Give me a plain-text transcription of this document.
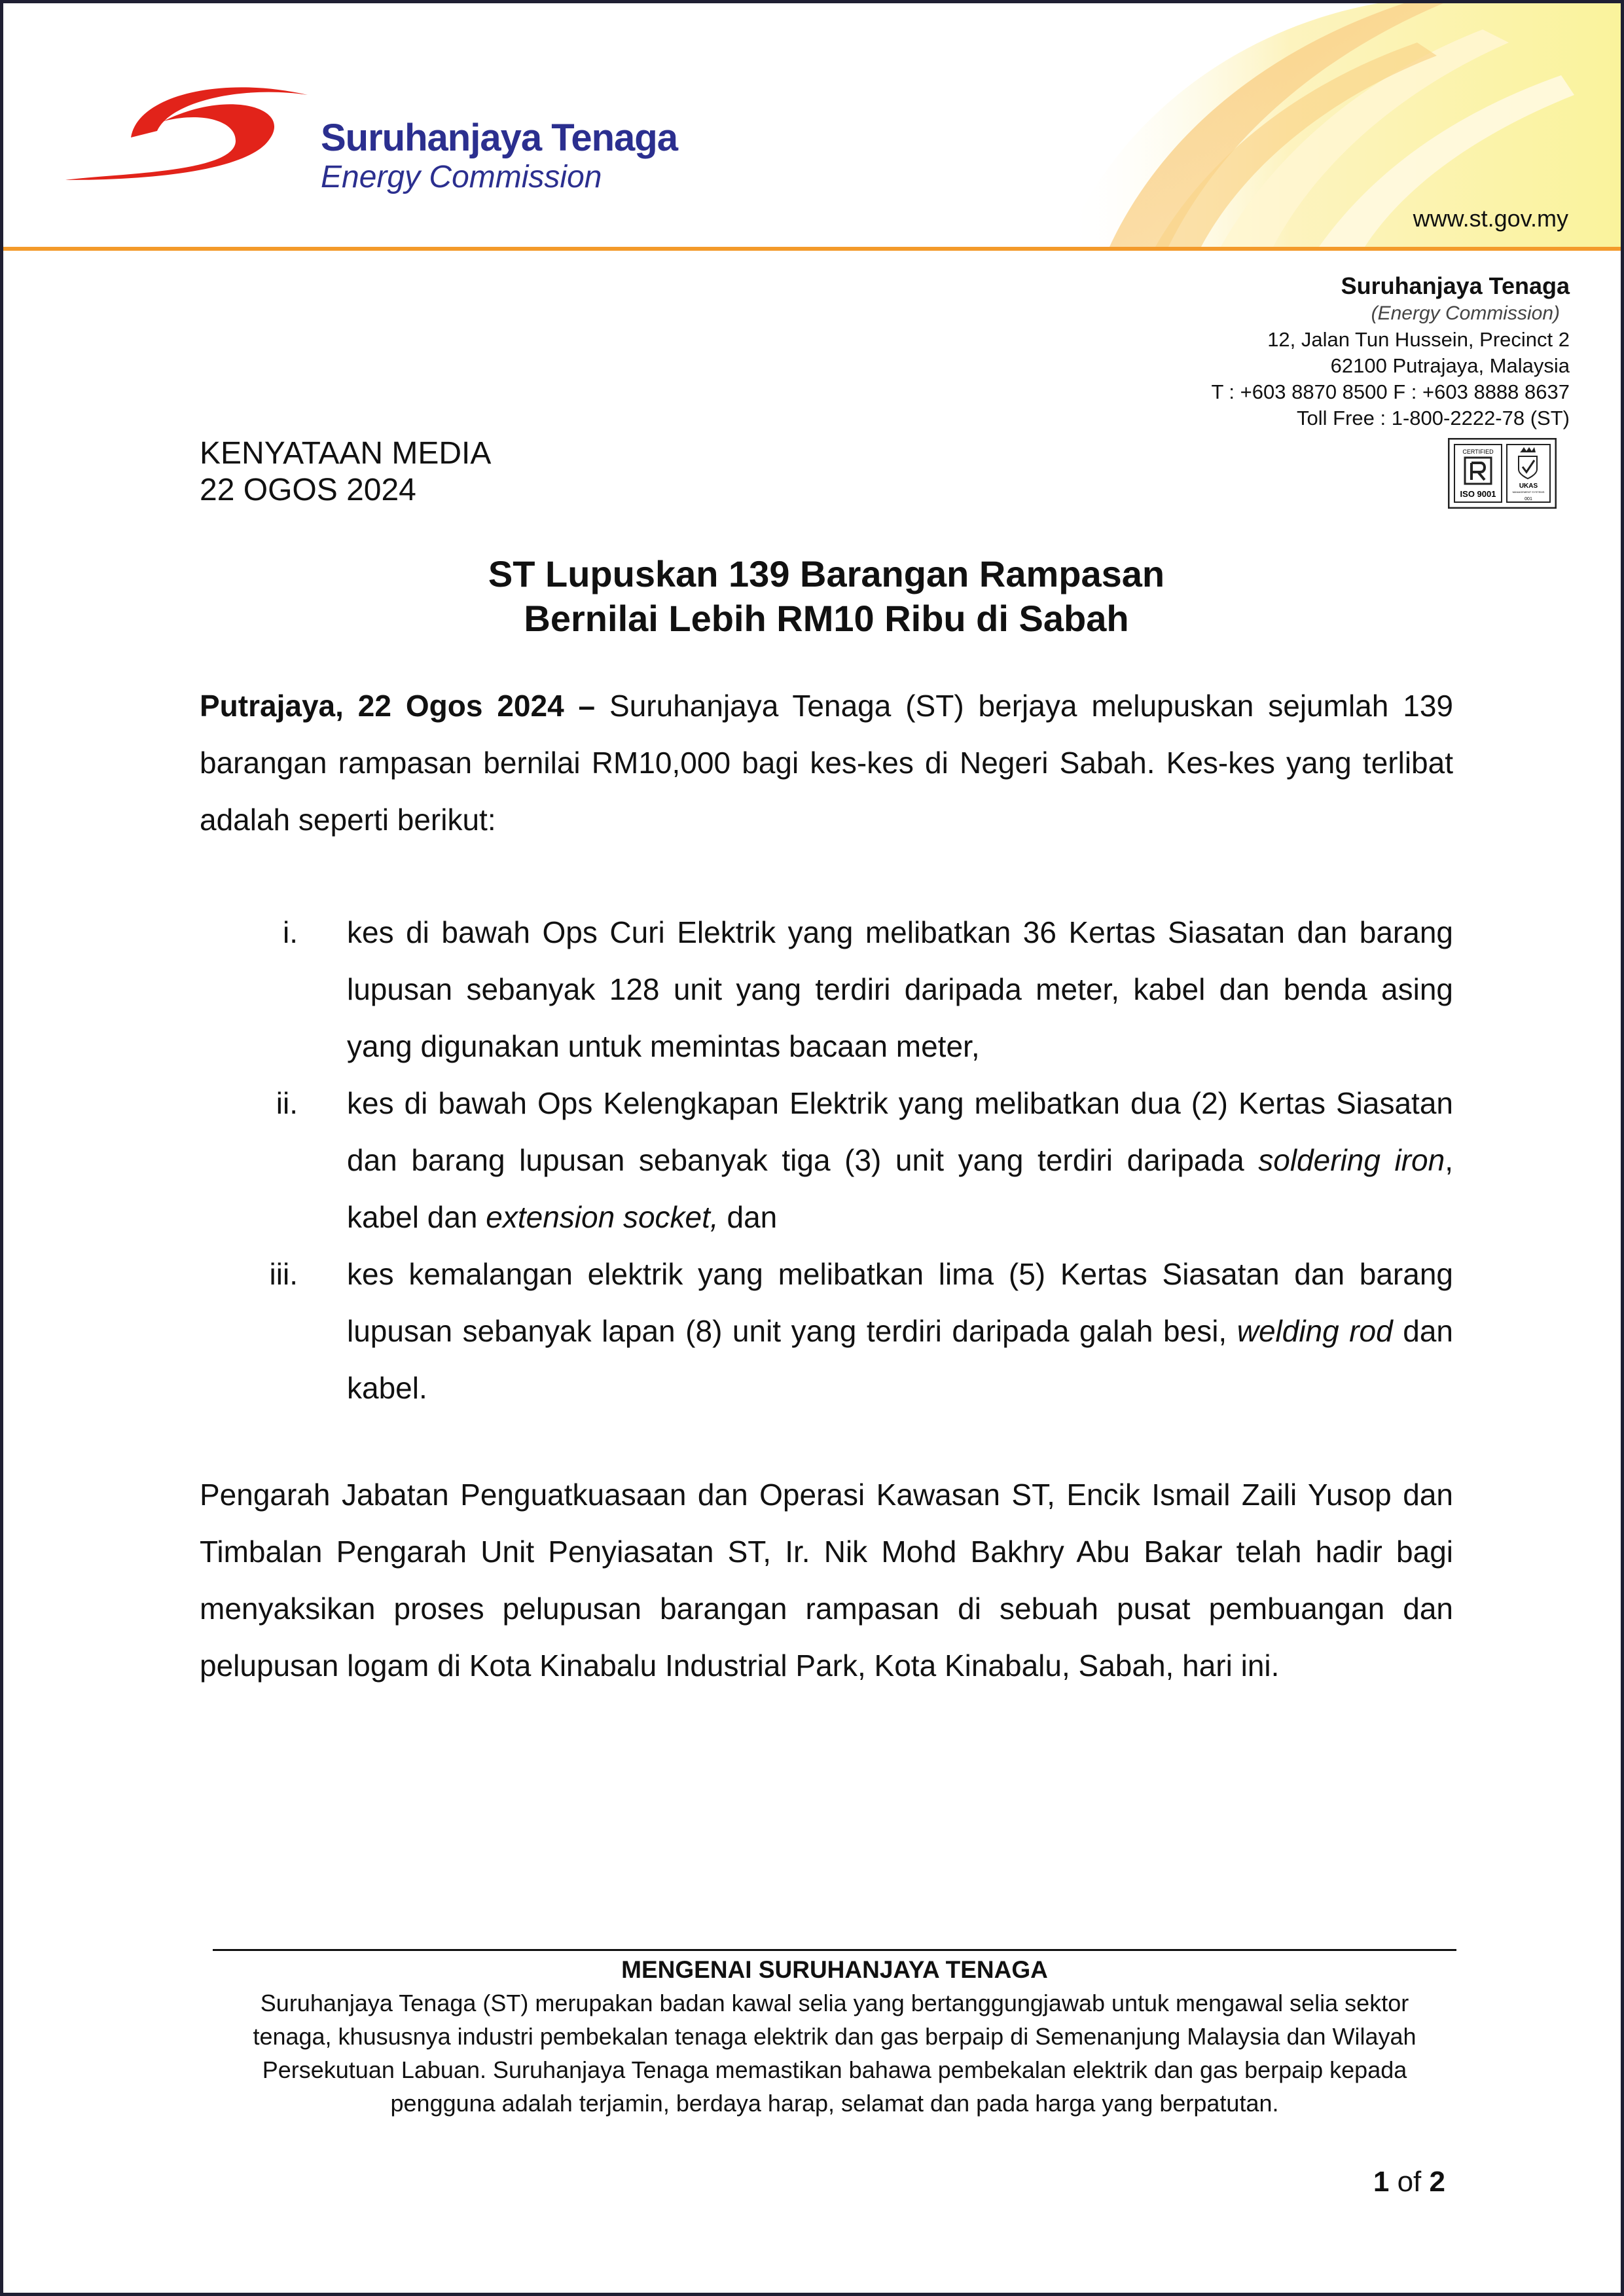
Suruhanjaya Tenaga
Energy Commission
www.st.gov.my
Suruhanjaya Tenaga
(Energy Commission)
12, Jalan Tun Hussein, Precinct 2
62100 Putrajaya, Malaysia
T : +603 8870 8500 F : +603 8888 8637
Toll Free : 1-800-2222-78 (ST)
CERTIFIED
ISO 9001
UKAS
MANAGEMENT SYSTEMS
001
KENYATAAN MEDIA
22 OGOS 2024
ST Lupuskan 139 Barangan Rampasan
Bernilai Lebih RM10 Ribu di Sabah
Putrajaya, 22 Ogos 2024 – Suruhanjaya Tenaga (ST) berjaya melupuskan sejumlah 139 barangan rampasan bernilai RM10,000 bagi kes-kes di Negeri Sabah. Kes-kes yang terlibat adalah seperti berikut:
i. kes di bawah Ops Curi Elektrik yang melibatkan 36 Kertas Siasatan dan barang lupusan sebanyak 128 unit yang terdiri daripada meter, kabel dan benda asing yang digunakan untuk memintas bacaan meter,
ii. kes di bawah Ops Kelengkapan Elektrik yang melibatkan dua (2) Kertas Siasatan dan barang lupusan sebanyak tiga (3) unit yang terdiri daripada soldering iron, kabel dan extension socket, dan
iii. kes kemalangan elektrik yang melibatkan lima (5) Kertas Siasatan dan barang lupusan sebanyak lapan (8) unit yang terdiri daripada galah besi, welding rod dan kabel.
Pengarah Jabatan Penguatkuasaan dan Operasi Kawasan ST, Encik Ismail Zaili Yusop dan Timbalan Pengarah Unit Penyiasatan ST, Ir. Nik Mohd Bakhry Abu Bakar telah hadir bagi menyaksikan proses pelupusan barangan rampasan di sebuah pusat pembuangan dan pelupusan logam di Kota Kinabalu Industrial Park, Kota Kinabalu, Sabah, hari ini.
MENGENAI SURUHANJAYA TENAGA
Suruhanjaya Tenaga (ST) merupakan badan kawal selia yang bertanggungjawab untuk mengawal selia sektor
tenaga, khususnya industri pembekalan tenaga elektrik dan gas berpaip di Semenanjung Malaysia dan Wilayah
Persekutuan Labuan. Suruhanjaya Tenaga memastikan bahawa pembekalan elektrik dan gas berpaip kepada
pengguna adalah terjamin, berdaya harap, selamat dan pada harga yang berpatutan.
1 of 2
